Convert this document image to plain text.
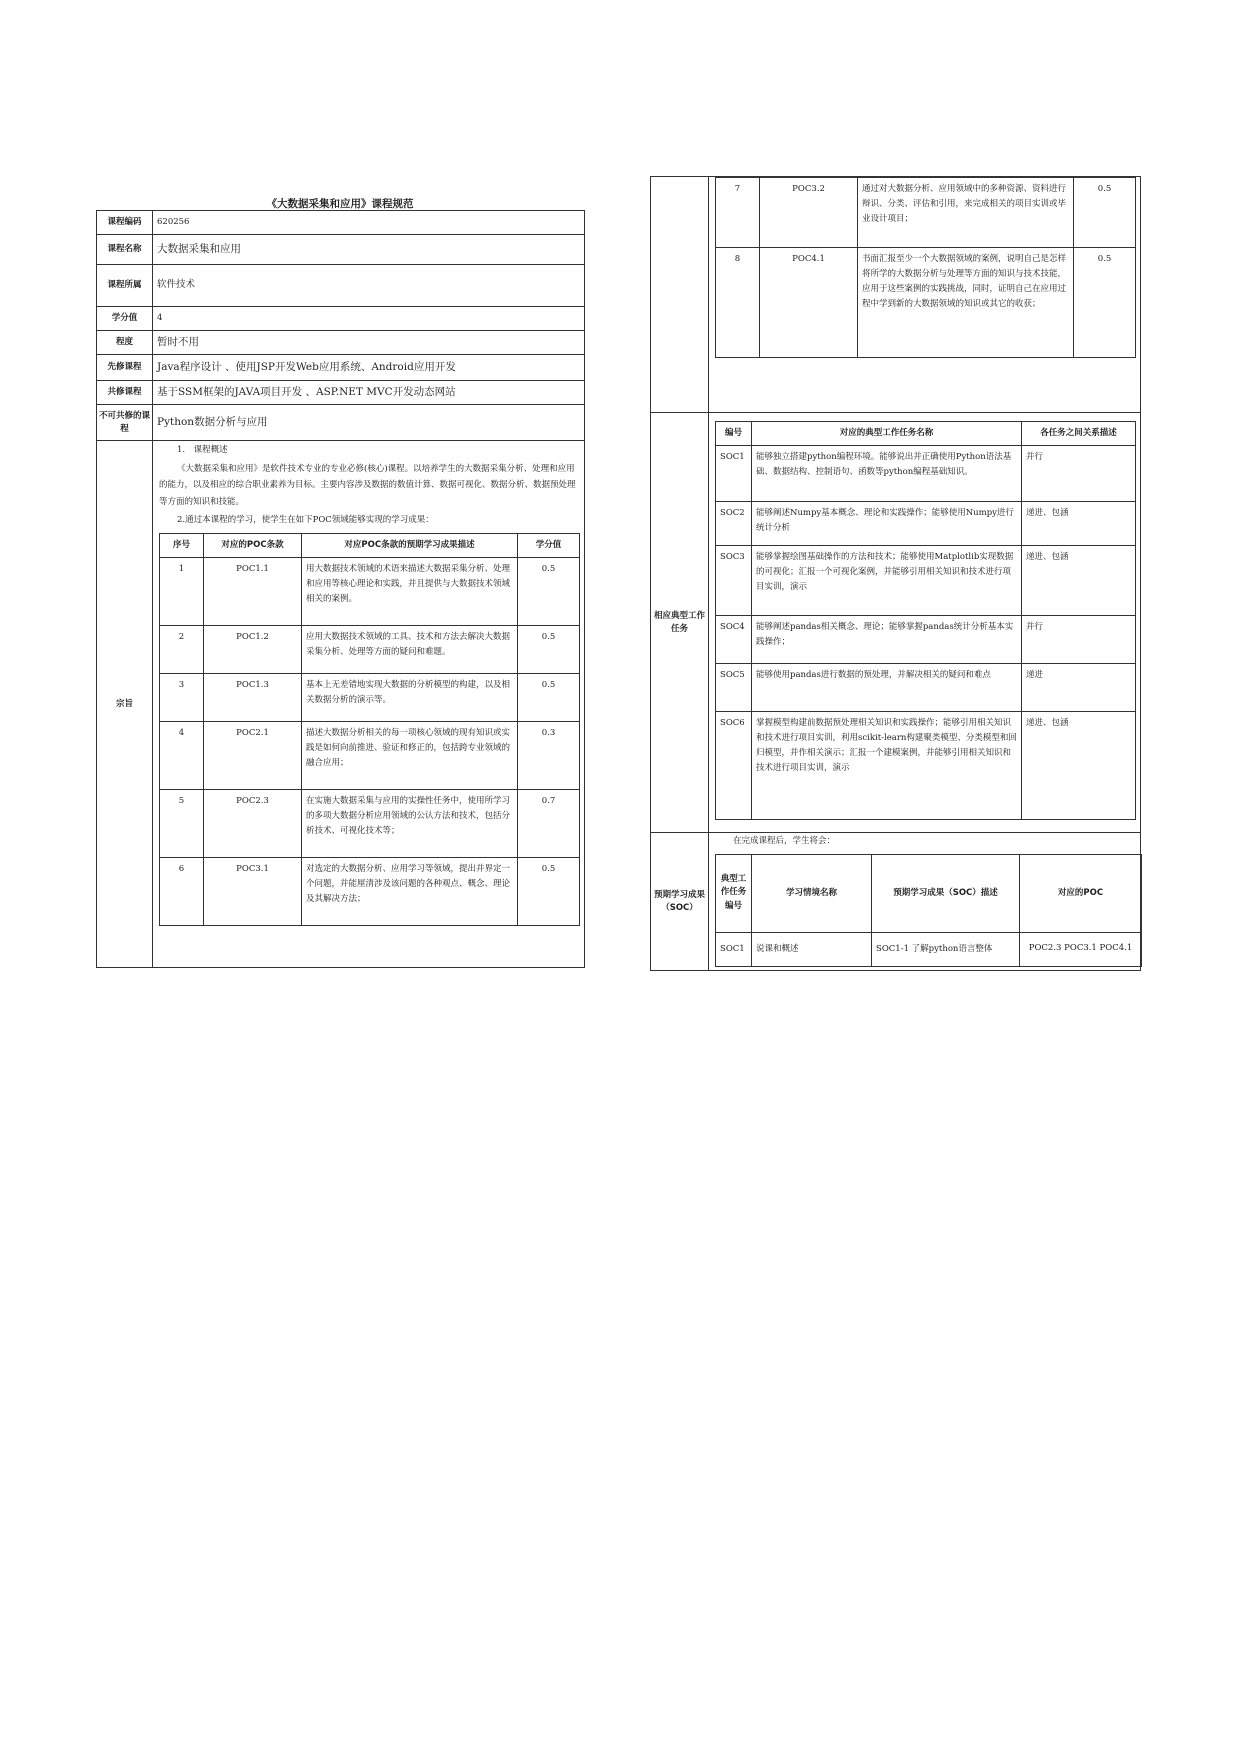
《大数据采集和应用》课程规范
课程编码	620256
课程名称	大数据采集和应用
课程所属	软件技术
学分值	4
程度	暂时不用
先修课程	Java程序设计 、使用JSP开发Web应用系统、Android应用开发
共修课程	基于SSM框架的JAVA项目开发 、ASP.NET MVC开发动态网站
不可共修的课程	Python数据分析与应用
宗旨	

1.　课程概述

《大数据采集和应用》是软件技术专业的专业必修(核心)课程。以培养学生的大数据采集分析、处理和应用的能力，以及相应的综合职业素养为目标。主要内容涉及数据的数值计算、数据可视化、数据分析、数据预处理等方面的知识和技能。

2.通过本课程的学习，使学生在如下POC领域能够实现的学习成果：

序号	对应的POC条款	对应POC条款的预期学习成果描述	学分值
1	POC1.1	用大数据技术领域的术语来描述大数据采集分析、处理和应用等核心理论和实践，并且提供与大数据技术领域相关的案例。	0.5
2	POC1.2	应用大数据技术领域的工具、技术和方法去解决大数据采集分析、处理等方面的疑问和难题。	0.5
3	POC1.3	基本上无差错地实现大数据的分析模型的构建，以及相关数据分析的演示等。	0.5
4	POC2.1	描述大数据分析相关的每一项核心领域的现有知识或实践是如何向前推进、验证和修正的，包括跨专业领域的融合应用；	0.3
5	POC2.3	在实施大数据采集与应用的实操性任务中，使用所学习的多项大数据分析应用领域的公认方法和技术，包括分析技术、可视化技术等；	0.7
6	POC3.1	对选定的大数据分析、应用学习等领域，提出并界定一个问题，并能厘清涉及该问题的各种观点、概念、理论及其解决方法；	0.5

7	POC3.2	通过对大数据分析、应用领域中的多种资源、资料进行辩识、分类、评估和引用，来完成相关的项目实训或毕业设计项目；	0.5
8	POC4.1	书面汇报至少一个大数据领域的案例，说明自己是怎样将所学的大数据分析与处理等方面的知识与技术技能，应用于这些案例的实践挑战，同时，证明自己在应用过程中学到新的大数据领域的知识或其它的收获；	0.5

相应典型工作任务	
编号	对应的典型工作任务名称	各任务之间关系描述
SOC1	能够独立搭建python编程环境。能够说出并正确使用Python语法基础、数据结构、控制语句、函数等python编程基础知识。	并行
SOC2	能够阐述Numpy基本概念、理论和实践操作；能够使用Numpy进行统计分析	递进、包涵
SOC3	能够掌握绘图基础操作的方法和技术；能够使用Matplotlib实现数据的可视化；汇报一个可视化案例，并能够引用相关知识和技术进行项目实训，演示	递进、包涵
SOC4	能够阐述pandas相关概念、理论；能够掌握pandas统计分析基本实践操作；	并行
SOC5	能够使用pandas进行数据的预处理，并解决相关的疑问和难点	递进
SOC6	掌握模型构建前数据预处理相关知识和实践操作；能够引用相关知识和技术进行项目实训，利用scikit-learn构建聚类模型、分类模型和回归模型，并作相关演示；汇报一个建模案例，并能够引用相关知识和技术进行项目实训，演示	递进、包涵

预期学习成果（SOC）	

在完成课程后，学生将会：

典型工作任务编号	学习情境名称	预期学习成果（SOC）描述	对应的POC
SOC1	说课和概述	SOC1-1 了解python语言整体	POC2.3 POC3.1 POC4.1
